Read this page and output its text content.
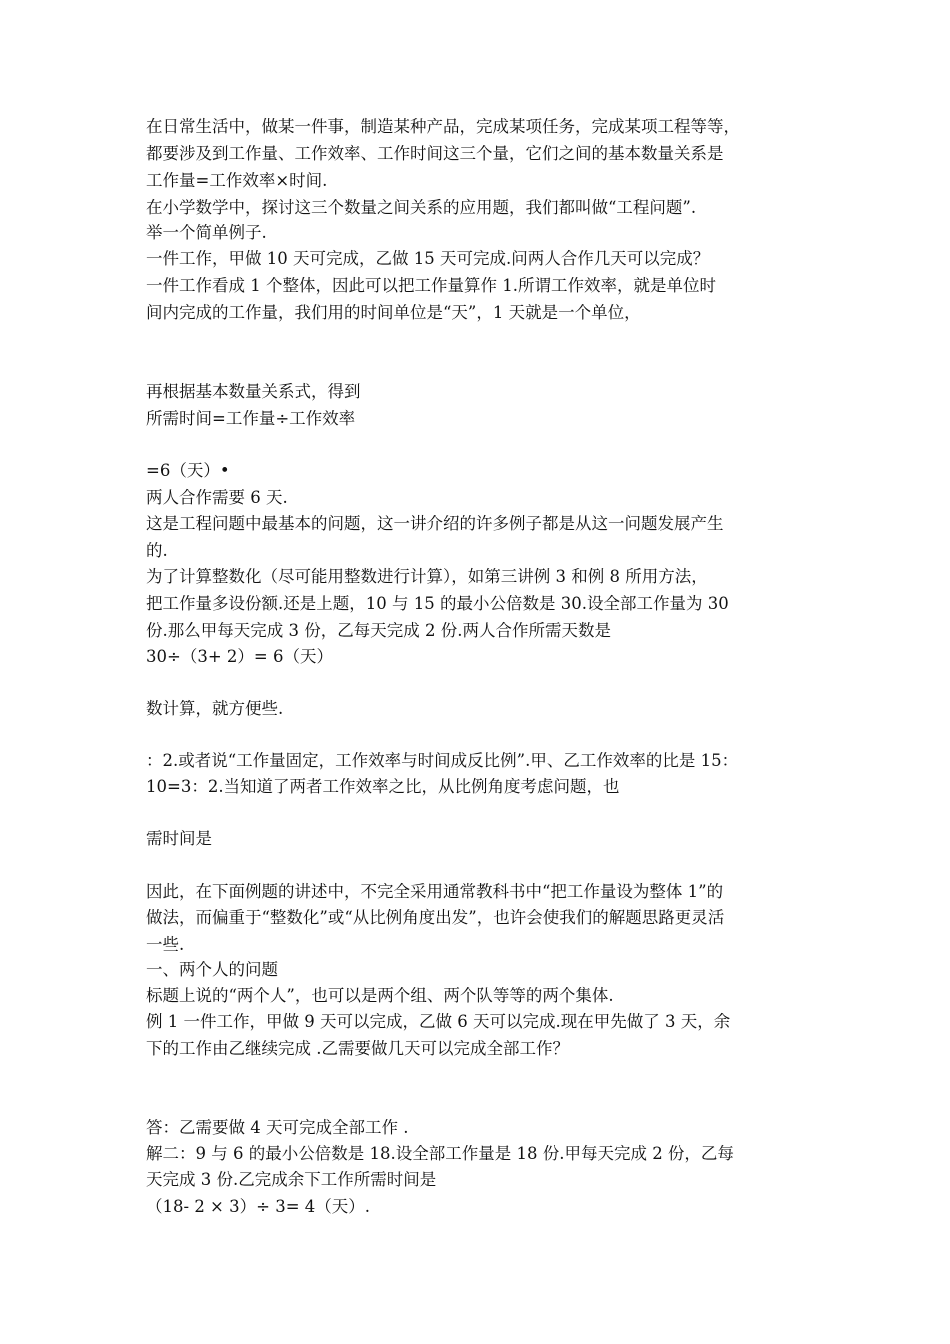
在日常生活中，做某一件事，制造某种产品，完成某项任务，完成某项工程等等，
都要涉及到工作量、工作效率、工作时间这三个量，它们之间的基本数量关系是
工作量=工作效率×时间.
在小学数学中，探讨这三个数量之间关系的应用题，我们都叫做“工程问题”.
举一个简单例子.
一件工作，甲做 10 天可完成，乙做 15 天可完成.问两人合作几天可以完成？
一件工作看成 1 个整体，因此可以把工作量算作 1.所谓工作效率，就是单位时
间内完成的工作量，我们用的时间单位是“天”，1 天就是一个单位，
再根据基本数量关系式，得到
所需时间=工作量÷工作效率
=6（天）•
两人合作需要 6 天.
这是工程问题中最基本的问题，这一讲介绍的许多例子都是从这一问题发展产生
的.
为了计算整数化（尽可能用整数进行计算），如第三讲例 3 和例 8 所用方法，
把工作量多设份额.还是上题，10 与 15 的最小公倍数是 30.设全部工作量为 30
份.那么甲每天完成 3 份，乙每天完成 2 份.两人合作所需天数是
30÷（3+ 2）= 6（天）
数计算，就方便些.
：2.或者说“工作量固定，工作效率与时间成反比例”.甲、乙工作效率的比是 15：
10=3：2.当知道了两者工作效率之比，从比例角度考虑问题，也
需时间是
因此，在下面例题的讲述中，不完全采用通常教科书中“把工作量设为整体 1”的
做法，而偏重于“整数化”或“从比例角度出发”，也许会使我们的解题思路更灵活
一些.
一、两个人的问题
标题上说的“两个人”，也可以是两个组、两个队等等的两个集体.
例 1 一件工作，甲做 9 天可以完成，乙做 6 天可以完成.现在甲先做了 3 天，余
下的工作由乙继续完成 .乙需要做几天可以完成全部工作？
答：乙需要做 4 天可完成全部工作 .
解二：9 与 6 的最小公倍数是 18.设全部工作量是 18 份.甲每天完成 2 份，乙每
天完成 3 份.乙完成余下工作所需时间是
（18- 2 × 3）÷ 3= 4（天）.
